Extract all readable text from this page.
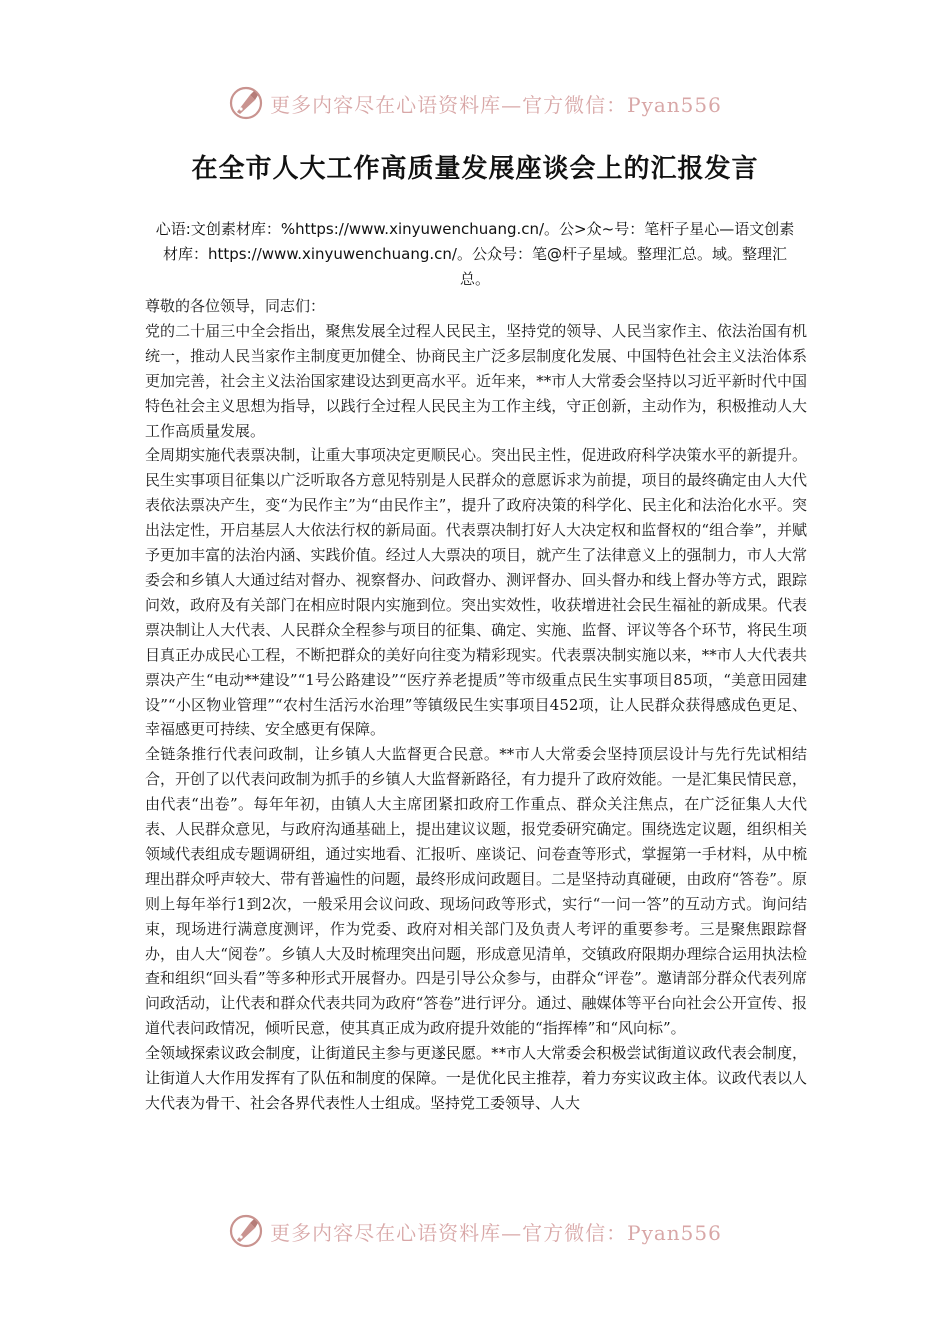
更多内容尽在心语资料库—官方微信：Pyan556
在全市人大工作高质量发展座谈会上的汇报发言
心语:文创素材库：%https://www.xinyuwenchuang.cn/。公>众~号：笔杆子星心—语文创素材库：https://www.xinyuwenchuang.cn/。公众号：笔@杆子星域。整理汇总。域。整理汇总。

尊敬的各位领导，同志们：

党的二十届三中全会指出，聚焦发展全过程人民民主，坚持党的领导、人民当家作主、依法治国有机统一，推动人民当家作主制度更加健全、协商民主广泛多层制度化发展、中国特色社会主义法治体系更加完善，社会主义法治国家建设达到更高水平。近年来，**市人大常委会坚持以习近平新时代中国特色社会主义思想为指导，以践行全过程人民民主为工作主线，守正创新，主动作为，积极推动人大工作高质量发展。

全周期实施代表票决制，让重大事项决定更顺民心。突出民主性，促进政府科学决策水平的新提升。民生实事项目征集以广泛听取各方意见特别是人民群众的意愿诉求为前提，项目的最终确定由人大代表依法票决产生，变“为民作主”为“由民作主”，提升了政府决策的科学化、民主化和法治化水平。突出法定性，开启基层人大依法行权的新局面。代表票决制打好人大决定权和监督权的“组合拳”，并赋予更加丰富的法治内涵、实践价值。经过人大票决的项目，就产生了法律意义上的强制力，市人大常委会和乡镇人大通过结对督办、视察督办、问政督办、测评督办、回头督办和线上督办等方式，跟踪问效，政府及有关部门在相应时限内实施到位。突出实效性，收获增进社会民生福祉的新成果。代表票决制让人大代表、人民群众全程参与项目的征集、确定、实施、监督、评议等各个环节，将民生项目真正办成民心工程，不断把群众的美好向往变为精彩现实。代表票决制实施以来，**市人大代表共票决产生“电动**建设”“1号公路建设”“医疗养老提质”等市级重点民生实事项目85项，“美意田园建设”“小区物业管理”“农村生活污水治理”等镇级民生实事项目452项，让人民群众获得感成色更足、幸福感更可持续、安全感更有保障。

全链条推行代表问政制，让乡镇人大监督更合民意。**市人大常委会坚持顶层设计与先行先试相结合，开创了以代表问政制为抓手的乡镇人大监督新路径，有力提升了政府效能。一是汇集民情民意，由代表“出卷”。每年年初，由镇人大主席团紧扣政府工作重点、群众关注焦点，在广泛征集人大代表、人民群众意见，与政府沟通基础上，提出建议议题，报党委研究确定。围绕选定议题，组织相关领域代表组成专题调研组，通过实地看、汇报听、座谈记、问卷查等形式，掌握第一手材料，从中梳理出群众呼声较大、带有普遍性的问题，最终形成问政题目。二是坚持动真碰硬，由政府“答卷”。原则上每年举行1到2次，一般采用会议问政、现场问政等形式，实行“一问一答”的互动方式。询问结束，现场进行满意度测评，作为党委、政府对相关部门及负责人考评的重要参考。三是聚焦跟踪督办，由人大“阅卷”。乡镇人大及时梳理突出问题，形成意见清单，交镇政府限期办理综合运用执法检查和组织“回头看”等多种形式开展督办。四是引导公众参与，由群众“评卷”。邀请部分群众代表列席问政活动，让代表和群众代表共同为政府“答卷”进行评分。通过、融媒体等平台向社会公开宣传、报道代表问政情况，倾听民意，使其真正成为政府提升效能的“指挥棒”和“风向标”。

全领域探索议政会制度，让街道民主参与更遂民愿。**市人大常委会积极尝试街道议政代表会制度，让街道人大作用发挥有了队伍和制度的保障。一是优化民主推荐，着力夯实议政主体。议政代表以人大代表为骨干、社会各界代表性人士组成。坚持党工委领导、人大

更多内容尽在心语资料库—官方微信：Pyan556
